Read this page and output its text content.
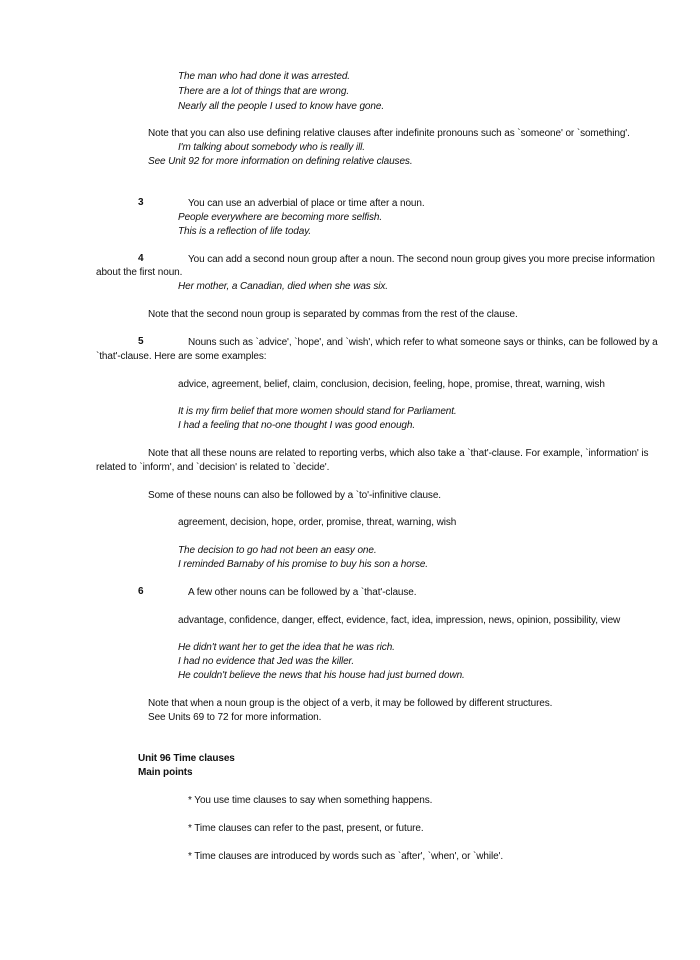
The man who had done it was arrested.
There are a lot of things that are wrong.
Nearly all the people I used to know have gone.
Note that you can also use defining relative clauses after indefinite pronouns such as `someone' or `something'.
I'm talking about somebody who is really ill.
See Unit 92 for more information on defining relative clauses.
3	You can use an adverbial of place or time after a noun.
People everywhere are becoming more selfish.
This is a reflection of life today.
4	You can add a second noun group after a noun. The second noun group gives you more precise information
about the first noun.
Her mother, a Canadian, died when she was six.
Note that the second noun group is separated by commas from the rest of the clause.
5	Nouns such as `advice', `hope', and `wish', which refer to what someone says or thinks, can be followed by a
`that'-clause. Here are some examples:
advice, agreement, belief, claim, conclusion, decision, feeling, hope, promise, threat, warning, wish
It is my firm belief that more women should stand for Parliament.
I had a feeling that no-one thought I was good enough.
Note that all these nouns are related to reporting verbs, which also take a `that'-clause. For example, `information' is
related to `inform', and `decision' is related to `decide'.
Some of these nouns can also be followed by a `to'-infinitive clause.
agreement, decision, hope, order, promise, threat, warning, wish
The decision to go had not been an easy one.
I reminded Barnaby of his promise to buy his son a horse.
6	A few other nouns can be followed by a `that'-clause.
advantage, confidence, danger, effect, evidence, fact, idea, impression, news, opinion, possibility, view
He didn't want her to get the idea that he was rich.
I had no evidence that Jed was the killer.
He couldn't believe the news that his house had just burned down.
Note that when a noun group is the object of a verb, it may be followed by different structures.
See Units 69 to 72 for more information.
Unit 96 Time clauses
Main points
* You use time clauses to say when something happens.
* Time clauses can refer to the past, present, or future.
* Time clauses are introduced by words such as `after', `when', or `while'.
